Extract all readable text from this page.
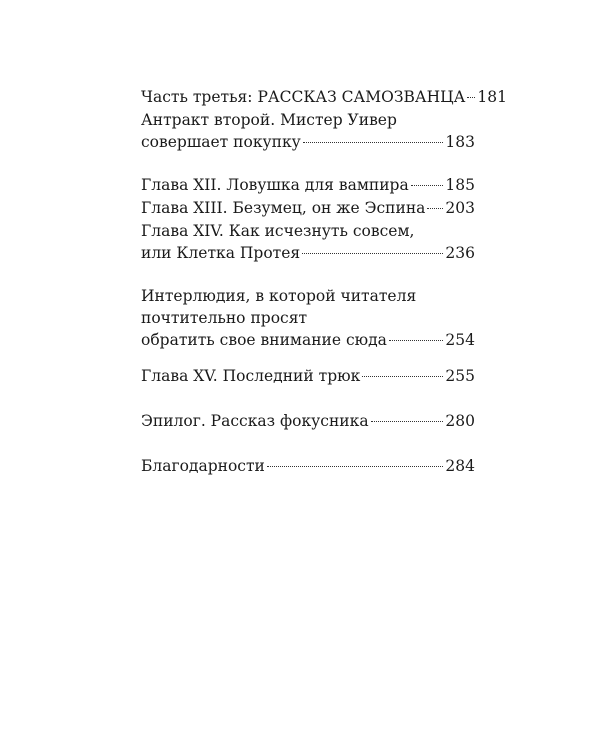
Часть третья: РАССКАЗ САМОЗВАНЦА 181
Антракт второй. Мистер Уивер
совершает покупку	183
Глава XII. Ловушка для вампира 185
Глава XIII. Безумец, он же Эспина 203
Глава XIV. Как исчезнуть совсем,
или Клетка Протея	236
Интерлюдия, в которой читателя
почтительно просят
обратить свое внимание сюда	254
Глава XV. Последний трюк	255
Эпилог. Рассказ фокусника	280
Благодарности	284
